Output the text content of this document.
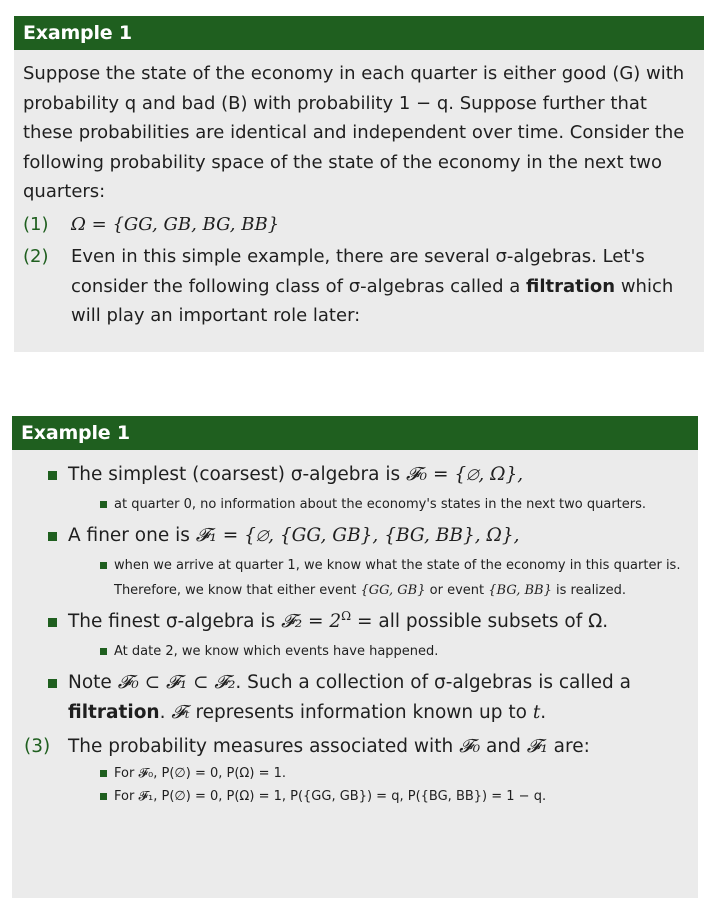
Example 1

Suppose the state of the economy in each quarter is either good (G) with probability q and bad (B) with probability 1 − q. Suppose further that these probabilities are identical and independent over time. Consider the following probability space of the state of the economy in the next two quarters:

(1) Ω = {GG, GB, BG, BB}
(2) Even in this simple example, there are several σ-algebras. Let's consider the following class of σ-algebras called a filtration which will play an important role later:
Example 1
The simplest (coarsest) σ-algebra is 𝓕₀ = {∅, Ω},
at quarter 0, no information about the economy's states in the next two quarters.
A finer one is 𝓕₁ = {∅, {GG, GB}, {BG, BB}, Ω},
when we arrive at quarter 1, we know what the state of the economy in this quarter is. Therefore, we know that either event {GG, GB} or event {BG, BB} is realized.
The finest σ-algebra is 𝓕₂ = $2^\Omega$ = all possible subsets of Ω.
At date 2, we know which events have happened.
Note 𝓕₀ ⊂ 𝓕₁ ⊂ 𝓕₂. Such a collection of σ-algebras is called a filtration. 𝓕ₜ represents information known up to t.
(3) The probability measures associated with 𝓕₀ and 𝓕₁ are:
For 𝓕₀, P(∅) = 0, P(Ω) = 1.
For 𝓕₁, P(∅) = 0, P(Ω) = 1, P({GG, GB}) = q, P({BG, BB}) = 1 − q.
